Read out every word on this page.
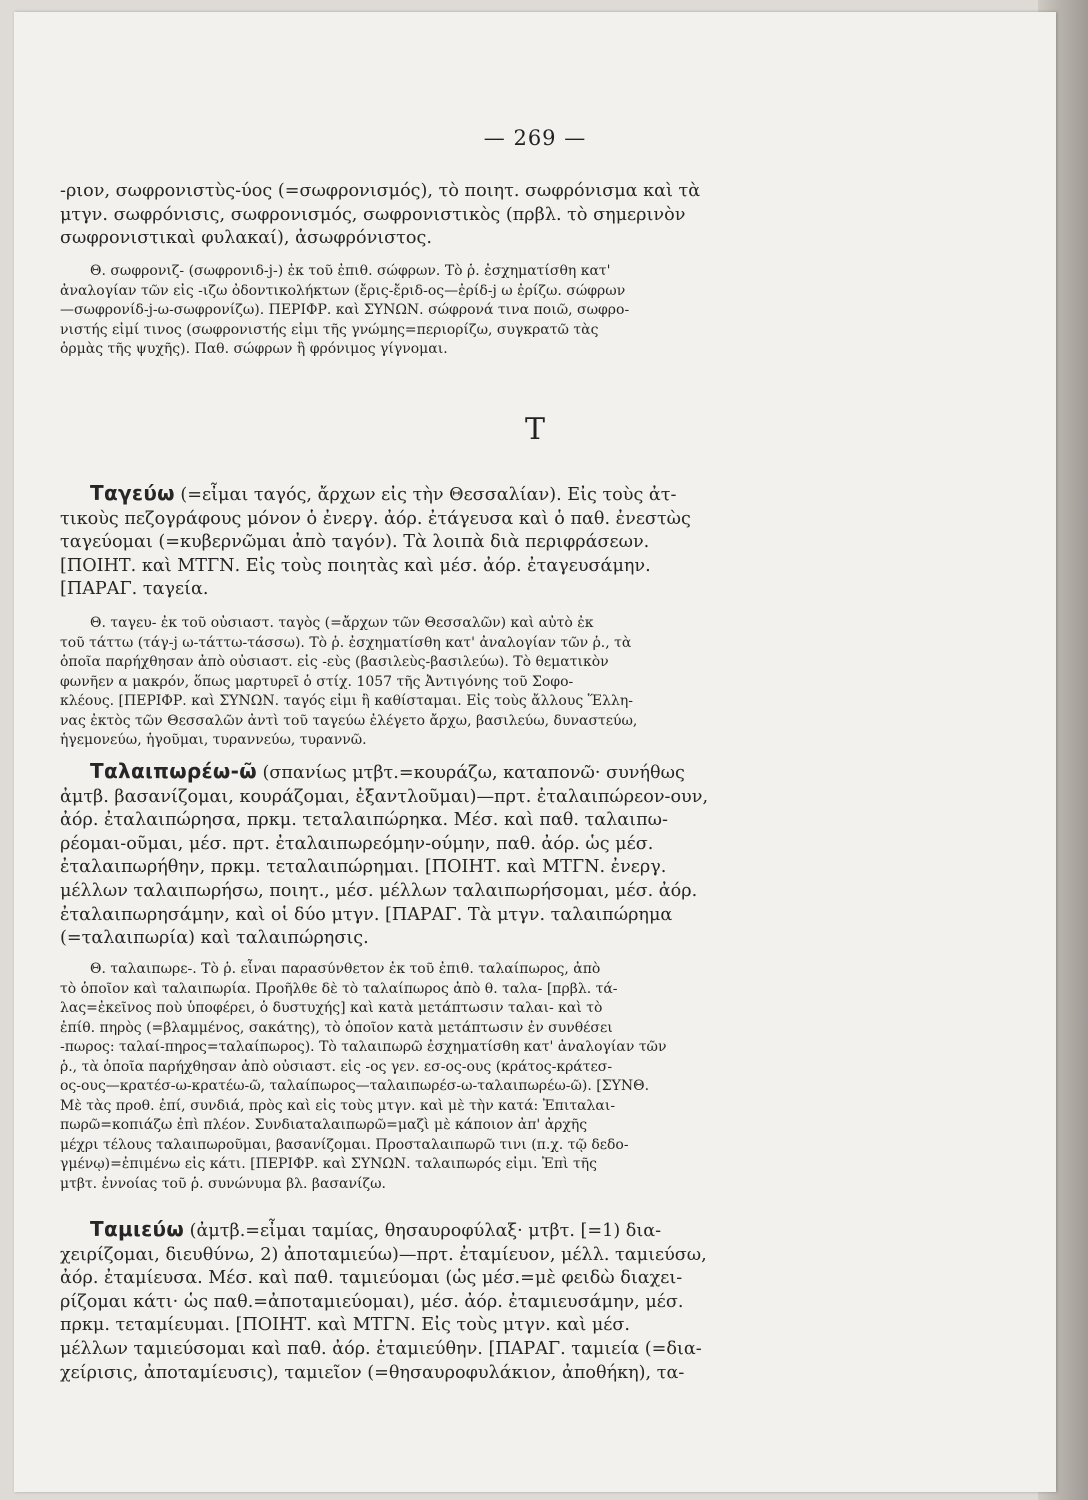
— 269 —

-ριον, σωφρονιστὺς-ύος (=σωφρονισμός), τὸ ποιητ. σωφρόνισμα καὶ τὰ
μτγν. σωφρόνισις, σωφρονισμός, σωφρονιστικὸς (πρβλ. τὸ σημερινὸν
σωφρονιστικαὶ φυλακαί), ἀσωφρόνιστος.

Θ. σωφρονιζ- (σωφρονιδ-j-) ἐκ τοῦ ἐπιθ. σώφρων. Τὸ ῥ. ἐσχηματίσθη κατ'
ἀναλογίαν τῶν εἰς -ιζω ὀδοντικολήκτων (ἔρις-ἔριδ-ος—ἐρίδ-j ω ἐρίζω. σώφρων
—σωφρονίδ-j-ω-σωφρονίζω). ΠΕΡΙΦΡ. καὶ ΣΥΝΩΝ. σώφρονά τινα ποιῶ, σωφρο-
νιστής εἰμί τινος (σωφρονιστής εἰμι τῆς γνώμης=περιορίζω, συγκρατῶ τὰς
ὁρμὰς τῆς ψυχῆς). Παθ. σώφρων ἢ φρόνιμος γίγνομαι.

Τ

Ταγεύω (=εἶμαι ταγός, ἄρχων εἰς τὴν Θεσσαλίαν). Εἰς τοὺς ἀτ-
τικοὺς πεζογράφους μόνον ὁ ἐνεργ. ἀόρ. ἐτάγευσα καὶ ὁ παθ. ἐνεστὼς
ταγεύομαι (=κυβερνῶμαι ἀπὸ ταγόν). Τὰ λοιπὰ διὰ περιφράσεων.
[ΠΟΙΗΤ. καὶ ΜΤΓΝ. Εἰς τοὺς ποιητὰς καὶ μέσ. ἀόρ. ἐταγευσάμην.
[ΠΑΡΑΓ. ταγεία.

Θ. ταγευ- ἐκ τοῦ οὐσιαστ. ταγὸς (=ἄρχων τῶν Θεσσαλῶν) καὶ αὐτὸ ἐκ
τοῦ τάττω (τάγ-j ω-τάττω-τάσσω). Τὸ ῥ. ἐσχηματίσθη κατ' ἀναλογίαν τῶν ῥ., τὰ
ὁποῖα παρήχθησαν ἀπὸ οὐσιαστ. εἰς -εὺς (βασιλεὺς-βασιλεύω). Τὸ θεματικὸν
φωνῆεν α μακρόν, ὅπως μαρτυρεῖ ὁ στίχ. 1057 τῆς Ἀντιγόνης τοῦ Σοφο-
κλέους. [ΠΕΡΙΦΡ. καὶ ΣΥΝΩΝ. ταγός εἰμι ἢ καθίσταμαι. Εἰς τοὺς ἄλλους Ἕλλη-
νας ἐκτὸς τῶν Θεσσαλῶν ἀντὶ τοῦ ταγεύω ἐλέγετο ἄρχω, βασιλεύω, δυναστεύω,
ἡγεμονεύω, ἡγοῦμαι, τυραννεύω, τυραννῶ.

Ταλαιπωρέω-ῶ (σπανίως μτβτ.=κουράζω, καταπονῶ· συνήθως
ἀμτβ. βασανίζομαι, κουράζομαι, ἐξαντλοῦμαι)—πρτ. ἐταλαιπώρεον-ουν,
ἀόρ. ἐταλαιπώρησα, πρκμ. τεταλαιπώρηκα. Μέσ. καὶ παθ. ταλαιπω-
ρέομαι-οῦμαι, μέσ. πρτ. ἐταλαιπωρεόμην-ούμην, παθ. ἀόρ. ὡς μέσ.
ἐταλαιπωρήθην, πρκμ. τεταλαιπώρημαι. [ΠΟΙΗΤ. καὶ ΜΤΓΝ. ἐνεργ.
μέλλων ταλαιπωρήσω, ποιητ., μέσ. μέλλων ταλαιπωρήσομαι, μέσ. ἀόρ.
ἐταλαιπωρησάμην, καὶ οἱ δύο μτγν. [ΠΑΡΑΓ. Τὰ μτγν. ταλαιπώρημα
(=ταλαιπωρία) καὶ ταλαιπώρησις.

Θ. ταλαιπωρε-. Τὸ ῥ. εἶναι παρασύνθετον ἐκ τοῦ ἐπιθ. ταλαίπωρος, ἀπὸ
τὸ ὁποῖον καὶ ταλαιπωρία. Προῆλθε δὲ τὸ ταλαίπωρος ἀπὸ θ. ταλα- [πρβλ. τά-
λας=ἐκεῖνος ποὺ ὑποφέρει, ὁ δυστυχής] καὶ κατὰ μετάπτωσιν ταλαι- καὶ τὸ
ἐπίθ. πηρὸς (=βλαμμένος, σακάτης), τὸ ὁποῖον κατὰ μετάπτωσιν ἐν συνθέσει
-πωρος: ταλαί-πηρος=ταλαίπωρος). Τὸ ταλαιπωρῶ ἐσχηματίσθη κατ' ἀναλογίαν τῶν
ῥ., τὰ ὁποῖα παρήχθησαν ἀπὸ οὐσιαστ. εἰς -ος γεν. εσ-ος-ους (κράτος-κράτεσ-
ος-ους—κρατέσ-ω-κρατέω-ῶ, ταλαίπωρος—ταλαιπωρέσ-ω-ταλαιπωρέω-ῶ). [ΣΥΝΘ.
Μὲ τὰς προθ. ἐπί, συνδιά, πρὸς καὶ εἰς τοὺς μτγν. καὶ μὲ τὴν κατά: Ἐπιταλαι-
πωρῶ=κοπιάζω ἐπὶ πλέον. Συνδιαταλαιπωρῶ=μαζὶ μὲ κάποιον ἀπ' ἀρχῆς
μέχρι τέλους ταλαιπωροῦμαι, βασανίζομαι. Προσταλαιπωρῶ τινι (π.χ. τῷ δεδο-
γμένῳ)=ἐπιμένω εἰς κάτι. [ΠΕΡΙΦΡ. καὶ ΣΥΝΩΝ. ταλαιπωρός εἰμι. Ἐπὶ τῆς
μτβτ. ἐννοίας τοῦ ῥ. συνώνυμα βλ. βασανίζω.

Ταμιεύω (ἀμτβ.=εἶμαι ταμίας, θησαυροφύλαξ· μτβτ. [=1) δια-
χειρίζομαι, διευθύνω, 2) ἀποταμιεύω)—πρτ. ἐταμίευον, μέλλ. ταμιεύσω,
ἀόρ. ἐταμίευσα. Μέσ. καὶ παθ. ταμιεύομαι (ὡς μέσ.=μὲ φειδὼ διαχει-
ρίζομαι κάτι· ὡς παθ.=ἀποταμιεύομαι), μέσ. ἀόρ. ἐταμιευσάμην, μέσ.
πρκμ. τεταμίευμαι. [ΠΟΙΗΤ. καὶ ΜΤΓΝ. Εἰς τοὺς μτγν. καὶ μέσ.
μέλλων ταμιεύσομαι καὶ παθ. ἀόρ. ἐταμιεύθην. [ΠΑΡΑΓ. ταμιεία (=δια-
χείρισις, ἀποταμίευσις), ταμιεῖον (=θησαυροφυλάκιον, ἀποθήκη), τα-
